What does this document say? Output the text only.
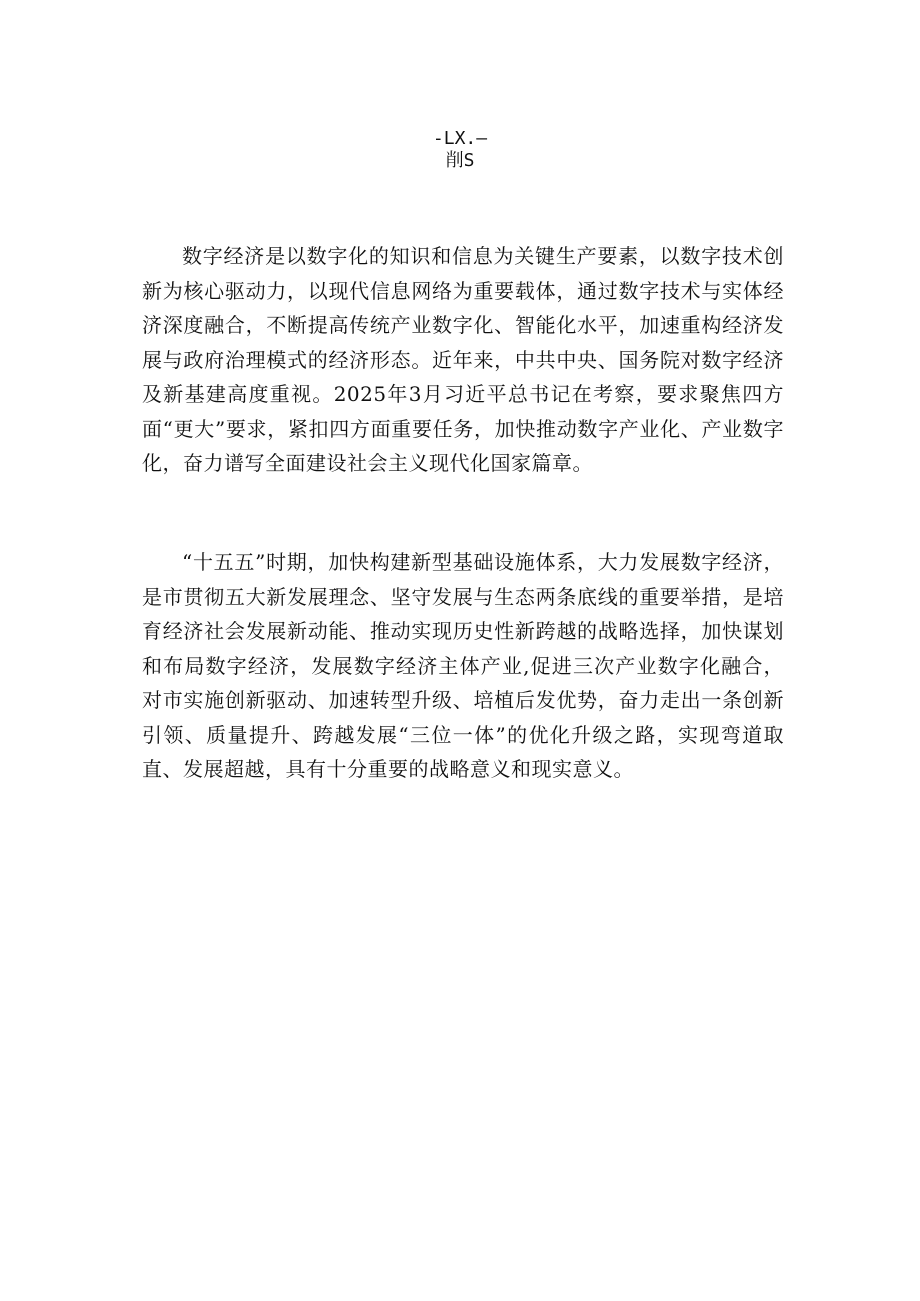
-LX.—
削S

数字经济是以数字化的知识和信息为关键生产要素，以数字技术创新为核心驱动力，以现代信息网络为重要载体，通过数字技术与实体经济深度融合，不断提高传统产业数字化、智能化水平，加速重构经济发展与政府治理模式的经济形态。近年来，中共中央、国务院对数字经济及新基建高度重视。2025年3月习近平总书记在考察，要求聚焦四方面“更大”要求，紧扣四方面重要任务，加快推动数字产业化、产业数字化，奋力谱写全面建设社会主义现代化国家篇章。

“十五五”时期，加快构建新型基础设施体系，大力发展数字经济，是市贯彻五大新发展理念、坚守发展与生态两条底线的重要举措，是培育经济社会发展新动能、推动实现历史性新跨越的战略选择，加快谋划和布局数字经济，发展数字经济主体产业,促进三次产业数字化融合，对市实施创新驱动、加速转型升级、培植后发优势，奋力走出一条创新引领、质量提升、跨越发展“三位一体”的优化升级之路，实现弯道取直、发展超越，具有十分重要的战略意义和现实意义。
